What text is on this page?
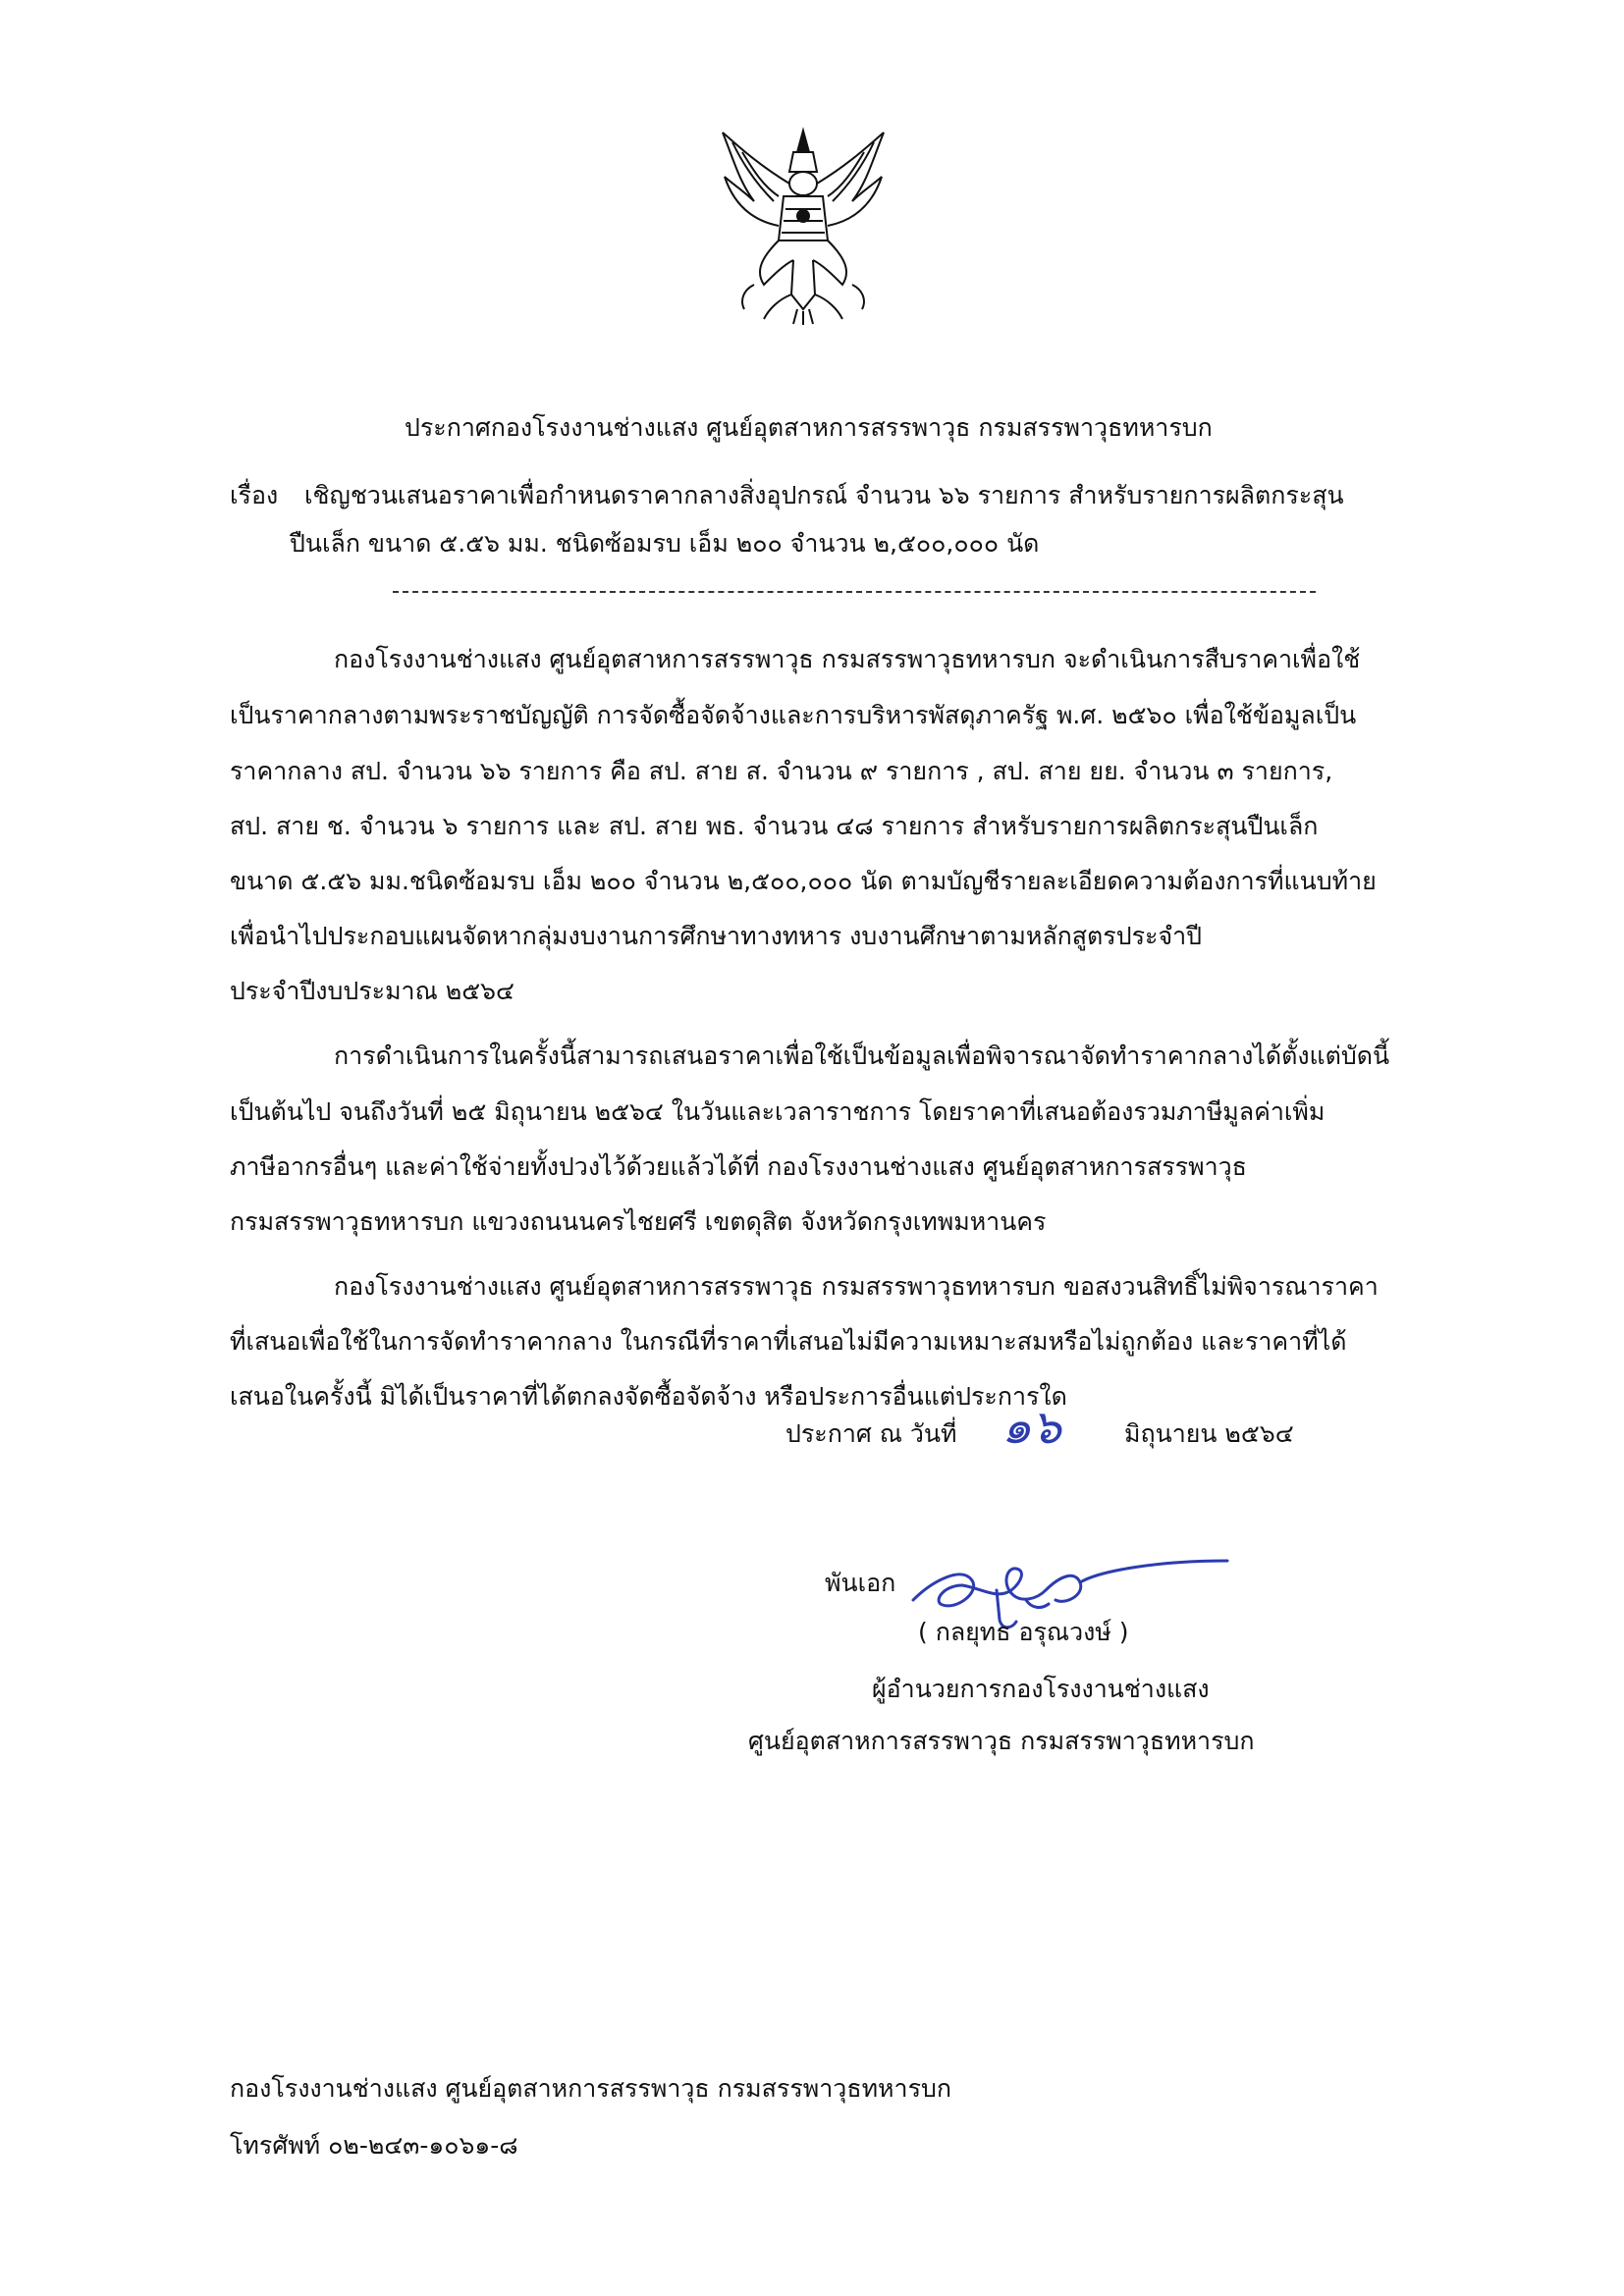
ประกาศกองโรงงานช่างแสง ศูนย์อุตสาหการสรรพาวุธ กรมสรรพาวุธทหารบก
เรื่อง เชิญชวนเสนอราคาเพื่อกำหนดราคากลางสิ่งอุปกรณ์ จำนวน ๖๖ รายการ สำหรับรายการผลิตกระสุน
ปืนเล็ก ขนาด ๕.๕๖ มม. ชนิดซ้อมรบ เอ็ม ๒๐๐ จำนวน ๒,๕๐๐,๐๐๐ นัด
กองโรงงานช่างแสง ศูนย์อุตสาหการสรรพาวุธ กรมสรรพาวุธทหารบก จะดำเนินการสืบราคาเพื่อใช้
เป็นราคากลางตามพระราชบัญญัติ การจัดซื้อจัดจ้างและการบริหารพัสดุภาครัฐ พ.ศ. ๒๕๖๐ เพื่อใช้ข้อมูลเป็น
ราคากลาง สป. จำนวน ๖๖ รายการ คือ สป. สาย ส. จำนวน ๙ รายการ , สป. สาย ยย. จำนวน ๓ รายการ,
สป. สาย ช. จำนวน ๖ รายการ และ สป. สาย พธ. จำนวน ๔๘ รายการ สำหรับรายการผลิตกระสุนปืนเล็ก
ขนาด ๕.๕๖ มม.ชนิดซ้อมรบ เอ็ม ๒๐๐ จำนวน ๒,๕๐๐,๐๐๐ นัด ตามบัญชีรายละเอียดความต้องการที่แนบท้าย
เพื่อนำไปประกอบแผนจัดหากลุ่มงบงานการศึกษาทางทหาร งบงานศึกษาตามหลักสูตรประจำปี
ประจำปีงบประมาณ ๒๕๖๔
การดำเนินการในครั้งนี้สามารถเสนอราคาเพื่อใช้เป็นข้อมูลเพื่อพิจารณาจัดทำราคากลางได้ตั้งแต่บัดนี้
เป็นต้นไป จนถึงวันที่ ๒๕ มิถุนายน ๒๕๖๔ ในวันและเวลาราชการ โดยราคาที่เสนอต้องรวมภาษีมูลค่าเพิ่ม
ภาษีอากรอื่นๆ และค่าใช้จ่ายทั้งปวงไว้ด้วยแล้วได้ที่ กองโรงงานช่างแสง ศูนย์อุตสาหการสรรพาวุธ
กรมสรรพาวุธทหารบก แขวงถนนนครไชยศรี เขตดุสิต จังหวัดกรุงเทพมหานคร
กองโรงงานช่างแสง ศูนย์อุตสาหการสรรพาวุธ กรมสรรพาวุธทหารบก ขอสงวนสิทธิ์ไม่พิจารณาราคา
ที่เสนอเพื่อใช้ในการจัดทำราคากลาง ในกรณีที่ราคาที่เสนอไม่มีความเหมาะสมหรือไม่ถูกต้อง และราคาที่ได้
เสนอในครั้งนี้ มิได้เป็นราคาที่ได้ตกลงจัดซื้อจัดจ้าง หรือประการอื่นแต่ประการใด
ประกาศ ณ วันที่ ๑๖	มิถุนายน ๒๕๖๔
พันเอก
( กลยุทธ อรุณวงษ์ )
ผู้อำนวยการกองโรงงานช่างแสง
ศูนย์อุตสาหการสรรพาวุธ กรมสรรพาวุธทหารบก
กองโรงงานช่างแสง ศูนย์อุตสาหการสรรพาวุธ กรมสรรพาวุธทหารบก
โทรศัพท์ ๐๒-๒๔๓-๑๐๖๑-๘
